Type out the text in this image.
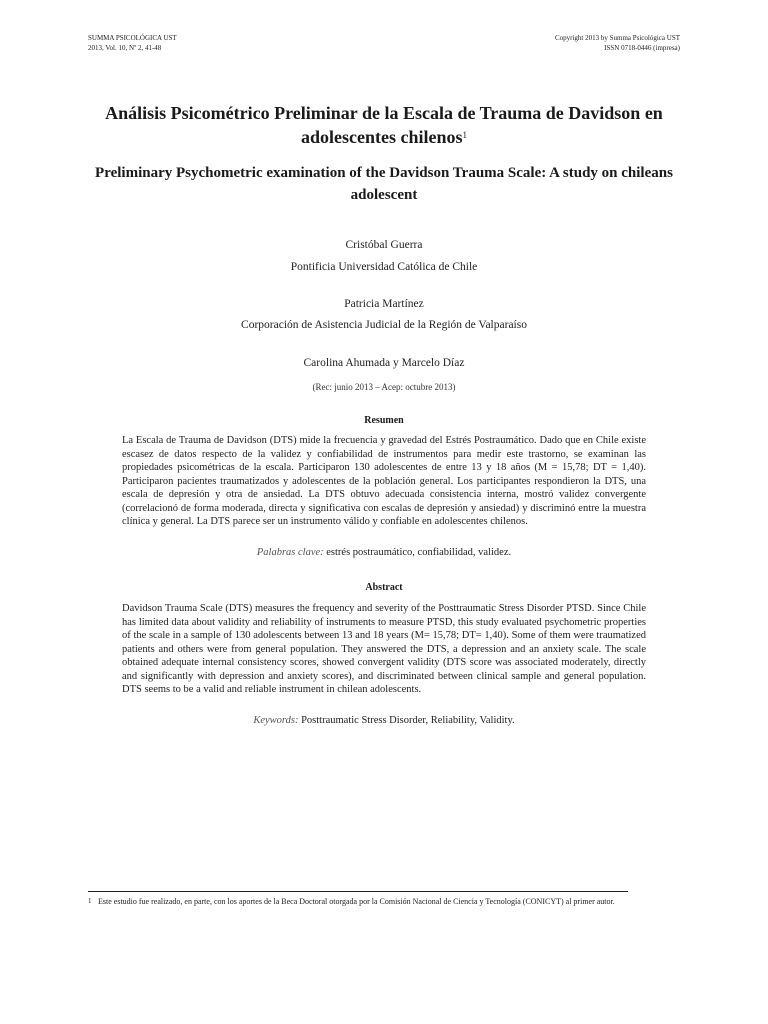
SUMMA PSICOLÓGICA UST
2013, Vol. 10, Nº 2, 41-48
Copyright 2013 by Summa Psicológica UST
ISSN 0718-0446 (impresa)
Análisis Psicométrico Preliminar de la Escala de Trauma de Davidson en adolescentes chilenos$^1$
Preliminary Psychometric examination of the Davidson Trauma Scale: A study on chileans adolescent
Cristóbal Guerra
Pontificia Universidad Católica de Chile
Patricia Martínez
Corporación de Asistencia Judicial de la Región de Valparaíso
Carolina Ahumada y Marcelo Díaz
(Rec: junio 2013 – Acep: octubre 2013)
Resumen
La Escala de Trauma de Davidson (DTS) mide la frecuencia y gravedad del Estrés Postraumático. Dado que en Chile existe escasez de datos respecto de la validez y confiabilidad de instrumentos para medir este trastorno, se examinan las propiedades psicométricas de la escala. Participaron 130 adolescentes de entre 13 y 18 años (M = 15,78; DT = 1,40). Participaron pacientes traumatizados y adolescentes de la población general. Los participantes respondieron la DTS, una escala de depresión y otra de ansiedad. La DTS obtuvo adecuada consistencia interna, mostró validez convergente (correlacionó de forma moderada, directa y significativa con escalas de depresión y ansiedad) y discriminó entre la muestra clínica y general. La DTS parece ser un instrumento válido y confiable en adolescentes chilenos.
Palabras clave: estrés postraumático, confiabilidad, validez.
Abstract
Davidson Trauma Scale (DTS) measures the frequency and severity of the Posttraumatic Stress Disorder PTSD. Since Chile has limited data about validity and reliability of instruments to measure PTSD, this study evaluated psychometric properties of the scale in a sample of 130 adolescents between 13 and 18 years (M= 15,78; DT= 1,40). Some of them were traumatized patients and others were from general population. They answered the DTS, a depression and an anxiety scale. The scale obtained adequate internal consistency scores, showed convergent validity (DTS score was associated moderately, directly and significantly with depression and anxiety scores), and discriminated between clinical sample and general population. DTS seems to be a valid and reliable instrument in chilean adolescents.
Keywords: Posttraumatic Stress Disorder, Reliability, Validity.
1 Este estudio fue realizado, en parte, con los aportes de la Beca Doctoral otorgada por la Comisión Nacional de Ciencia y Tecnología (CONICYT) al primer autor.
